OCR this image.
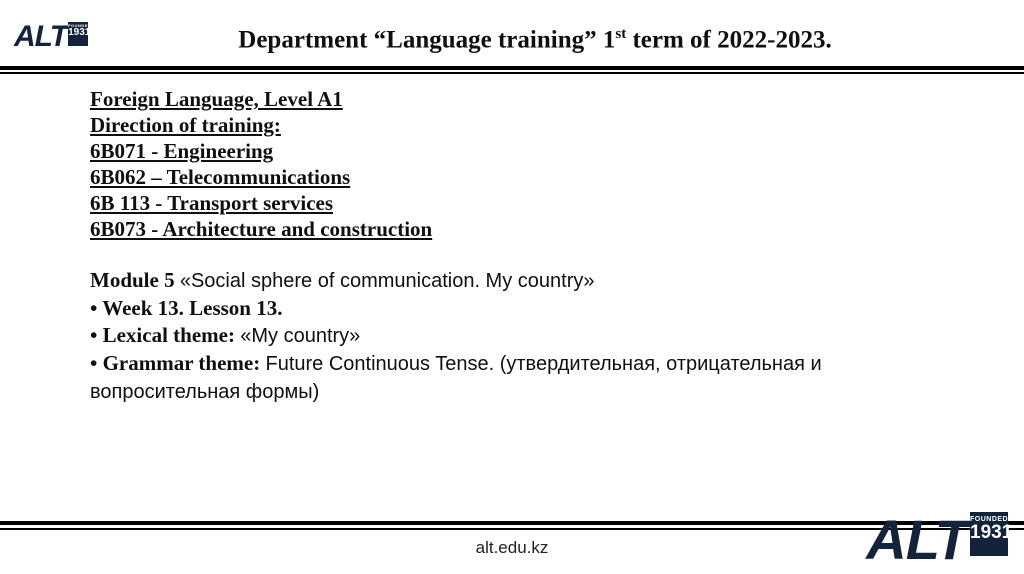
ALT FOUNDED
1931	Department “Language training” 1st term of 2022-2023.
Foreign Language, Level A1
Direction of training:
6B071 - Engineering
6B062 – Telecommunications
6B 113 - Transport services
6B073 - Architecture and construction
Module 5 «Social sphere of communication. My country»
• Week 13. Lesson 13.
• Lexical theme: «My country»
• Grammar theme: Future Continuous Tense. (утвердительная, отрицательная и вопросительная формы)
alt.edu.kz	ALT FOUNDED
1931
